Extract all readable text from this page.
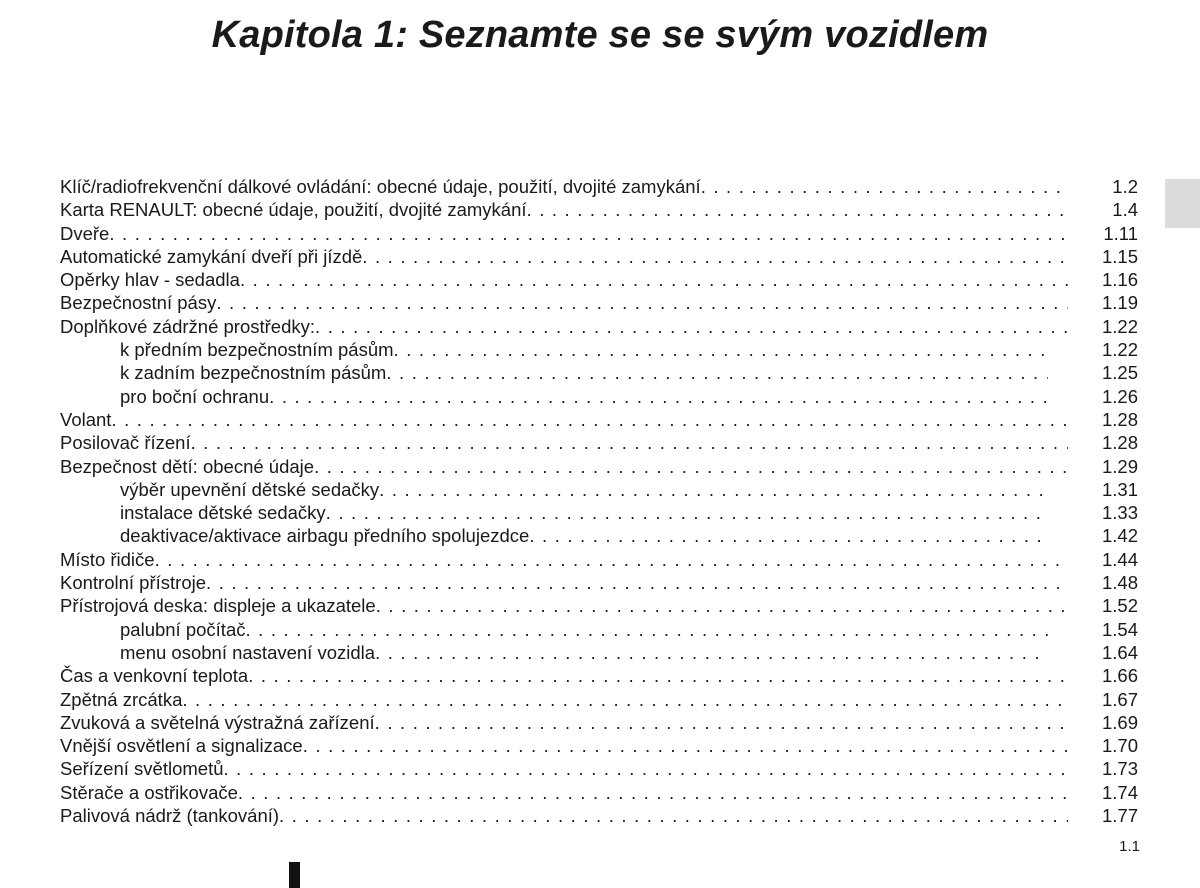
Kapitola 1: Seznamte se se svým vozidlem
Klíč/radiofrekvenční dálkové ovládání: obecné údaje, použití, dvojité zamykání . . .	1.2
Karta RENAULT: obecné údaje, použití, dvojité zamykání . . .	1.4
Dveře . . .	1.11
Automatické zamykání dveří při jízdě . . .	1.15
Opěrky hlav - sedadla . . .	1.16
Bezpečnostní pásy . . .	1.19
Doplňkové zádržné prostředky: . . .	1.22
k předním bezpečnostním pásům . . .	1.22
k zadním bezpečnostním pásům . . .	1.25
pro boční ochranu . . .	1.26
Volant . . .	1.28
Posilovač řízení . . .	1.28
Bezpečnost dětí: obecné údaje . . .	1.29
výběr upevnění dětské sedačky . . .	1.31
instalace dětské sedačky . . .	1.33
deaktivace/aktivace airbagu předního spolujezdce . . .	1.42
Místo řidiče . . .	1.44
Kontrolní přístroje . . .	1.48
Přístrojová deska: displeje a ukazatele . . .	1.52
palubní počítač . . .	1.54
menu osobní nastavení vozidla . . .	1.64
Čas a venkovní teplota . . .	1.66
Zpětná zrcátka . . .	1.67
Zvuková a světelná výstražná zařízení . . .	1.69
Vnější osvětlení a signalizace . . .	1.70
Seřízení světlometů . . .	1.73
Stěrače a ostřikovače . . .	1.74
Palivová nádrž (tankování) . . .	1.77
1.1
